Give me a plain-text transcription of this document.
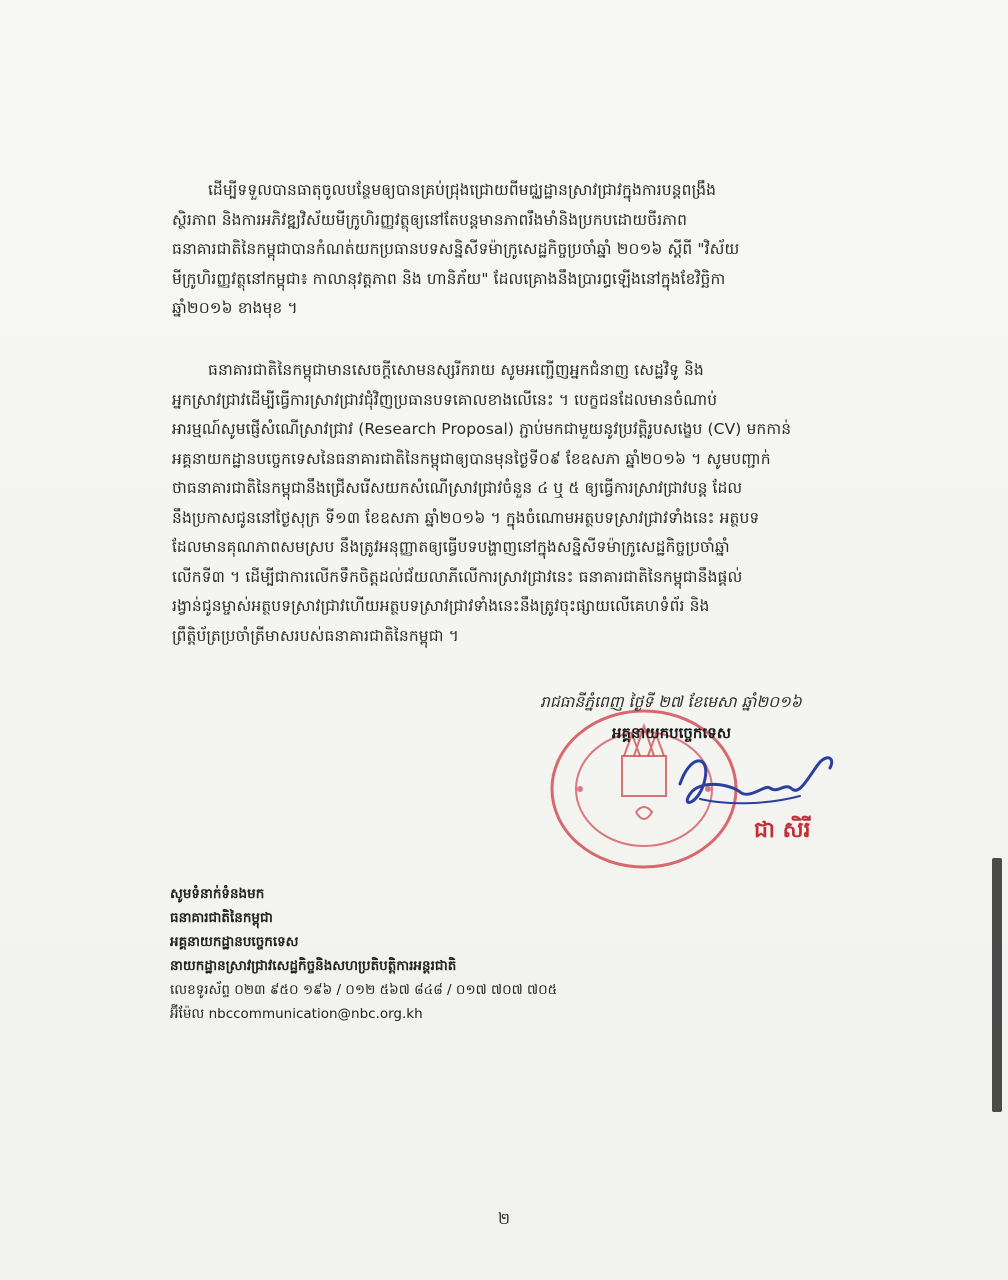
ដើម្បីទទួលបានធាតុចូលបន្ថែមឲ្យបានគ្រប់ជ្រុងជ្រោយពីមជ្ឈដ្ឋានស្រាវជ្រាវក្នុងការបន្តពង្រឹង
ស្ថិរភាព និងការអភិវឌ្ឍវិស័យមីក្រូហិរញ្ញវត្ថុឲ្យនៅតែបន្តមានភាពរឹងមាំនិងប្រកបដោយចីរភាព
ធនាគារជាតិនៃកម្ពុជាបានកំណត់យកប្រធានបទសន្និសីទម៉ាក្រូសេដ្ឋកិច្ចប្រចាំឆ្នាំ ២០១៦ ស្ដីពី "វិស័យ
មីក្រូហិរញ្ញវត្ថុនៅកម្ពុជា៖ កាលានុវត្តភាព និង ហានិភ័យ" ដែលគ្រោងនឹងប្រារព្ធឡើងនៅក្នុងខែវិច្ឆិកា
ឆ្នាំ២០១៦ ខាងមុខ ។
ធនាគារជាតិនៃកម្ពុជាមានសេចក្ដីសោមនស្សរីករាយ សូមអញ្ជើញអ្នកជំនាញ សេដ្ឋវិទូ និង
អ្នកស្រាវជ្រាវដើម្បីធ្វើការស្រាវជ្រាវជុំវិញប្រធានបទគោលខាងលើនេះ ។ បេក្ខជនដែលមានចំណាប់
អារម្មណ៍សូមផ្ញើសំណើស្រាវជ្រាវ (Research Proposal) ភ្ជាប់មកជាមួយនូវប្រវត្តិរូបសង្ខេប (CV) មកកាន់
អគ្គនាយកដ្ឋានបច្ចេកទេសនៃធនាគារជាតិនៃកម្ពុជាឲ្យបានមុនថ្ងៃទី០៩ ខែឧសភា ឆ្នាំ២០១៦ ។ សូមបញ្ជាក់
ថាធនាគារជាតិនៃកម្ពុជានឹងជ្រើសរើសយកសំណើស្រាវជ្រាវចំនួន ៤ ឬ ៥ ឲ្យធ្វើការស្រាវជ្រាវបន្ត ដែល
នឹងប្រកាសជូននៅថ្ងៃសុក្រ ទី១៣ ខែឧសភា ឆ្នាំ២០១៦ ។ ក្នុងចំណោមអត្ថបទស្រាវជ្រាវទាំងនេះ អត្ថបទ
ដែលមានគុណភាពសមស្រប នឹងត្រូវអនុញ្ញាតឲ្យធ្វើបទបង្ហាញនៅក្នុងសន្និសីទម៉ាក្រូសេដ្ឋកិច្ចប្រចាំឆ្នាំ
លើកទី៣ ។ ដើម្បីជាការលើកទឹកចិត្តដល់ជ័យលាភីលើការស្រាវជ្រាវនេះ ធនាគារជាតិនៃកម្ពុជានឹងផ្ដល់
រង្វាន់ជូនម្ចាស់អត្ថបទស្រាវជ្រាវហើយអត្ថបទស្រាវជ្រាវទាំងនេះនឹងត្រូវចុះផ្សាយលើគេហទំព័រ និង
ព្រឹត្តិប័ត្រប្រចាំត្រីមាសរបស់ធនាគារជាតិនៃកម្ពុជា ។
រាជធានីភ្នំពេញ ថ្ងៃទី ២៧ ខែមេសា ឆ្នាំ២០១៦
អគ្គនាយកបច្ចេកទេស
ជា សិរី
សូមទំនាក់ទំនងមក
ធនាគារជាតិនៃកម្ពុជា
អគ្គនាយកដ្ឋានបច្ចេកទេស
នាយកដ្ឋានស្រាវជ្រាវសេដ្ឋកិច្ចនិងសហប្រតិបត្តិការអន្តរជាតិ
លេខទូរស័ព្ទ ០២៣ ៩៥០ ១៩៦ / ០១២ ៥៦៧ ៨៤៨ / ០១៧ ៧០៧ ៧០៥
អ៊ីម៉ែល nbccommunication@nbc.org.kh
២
